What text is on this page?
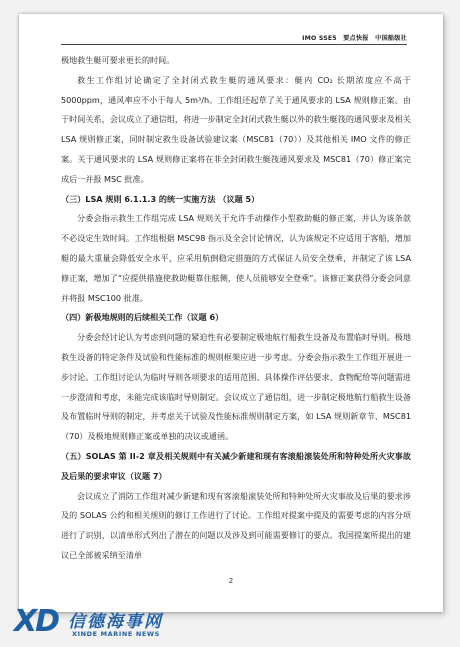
IMO SSE5 要点快报 中国船级社

极地救生艇可要求更长的时间。

救生工作组讨论确定了全封闭式救生艇的通风要求：艇内 CO₂ 长期浓度应不高于 5000ppm，通风率应不小于每人 5m³/h。工作组还起草了关于通风要求的 LSA 规则修正案。由于时间关系，会议成立了通信组，将进一步制定全封闭式救生艇以外的救生艇筏的通风要求及相关 LSA 规则修正案，同时制定救生设备试验建议案（MSC81（70））及其他相关 IMO 文件的修正案。关于通风要求的 LSA 规则修正案将在非全封闭救生艇筏通风要求及 MSC81（70）修正案完成后一并报 MSC 批准。

（三）LSA 规则 6.1.1.3 的统一实施方法 （议题 5）

分委会指示救生工作组完成 LSA 规则关于允许手动操作小型救助艇的修正案，并认为该条款不必设定生效时间。工作组根据 MSC98 指示及全会讨论情况，认为该规定不应适用于客船，增加艇的最大重量会降低安全水平，应采用航倒稳定措施的方式保证人员安全登乘，并制定了该 LSA 修正案，增加了“应提供措施使救助艇靠住舷侧，使人员能够安全登乘”。该修正案获得分委会同意并将报 MSC100 批准。

（四）新极地规则的后续相关工作（议题 6）

分委会经讨论认为考虑到问题的紧迫性有必要制定极地航行船救生设备及布置临时导则。极地救生设备的特定条件及试验和性能标准的规则框架应进一步考虑。分委会指示救生工作组开展进一步讨论。工作组讨论认为临时导则各项要求的适用范围、具体操作评估要求、食物配给等问题需进一步澄清和考虑，未能完成该临时导则制定。会议成立了通信组，进一步制定极地航行船救生设备及布置临时导则的制定，并考虑关于试验及性能标准规则制定方案，如 LSA 规则新章节、MSC81（70）及极地规则修正案或单独的决议或通函。

（五）SOLAS 第 II-2 章及相关规则中有关减少新建和现有客滚船滚装处所和特种处所火灾事故及后果的要求审议（议题 7）

会议成立了消防工作组对减少新建和现有客滚船滚装处所和特种处所火灾事故及后果的要求涉及的 SOLAS 公约和相关规则的修订工作进行了讨论。工作组对提案中提及的需要考虑的内容分项进行了识别，以清单形式列出了潜在的问题以及涉及到可能需要修订的要点。我国提案所提出的建议已全部被采纳至清单

2
XD 信德海事网
XINDE MARINE NEWS
